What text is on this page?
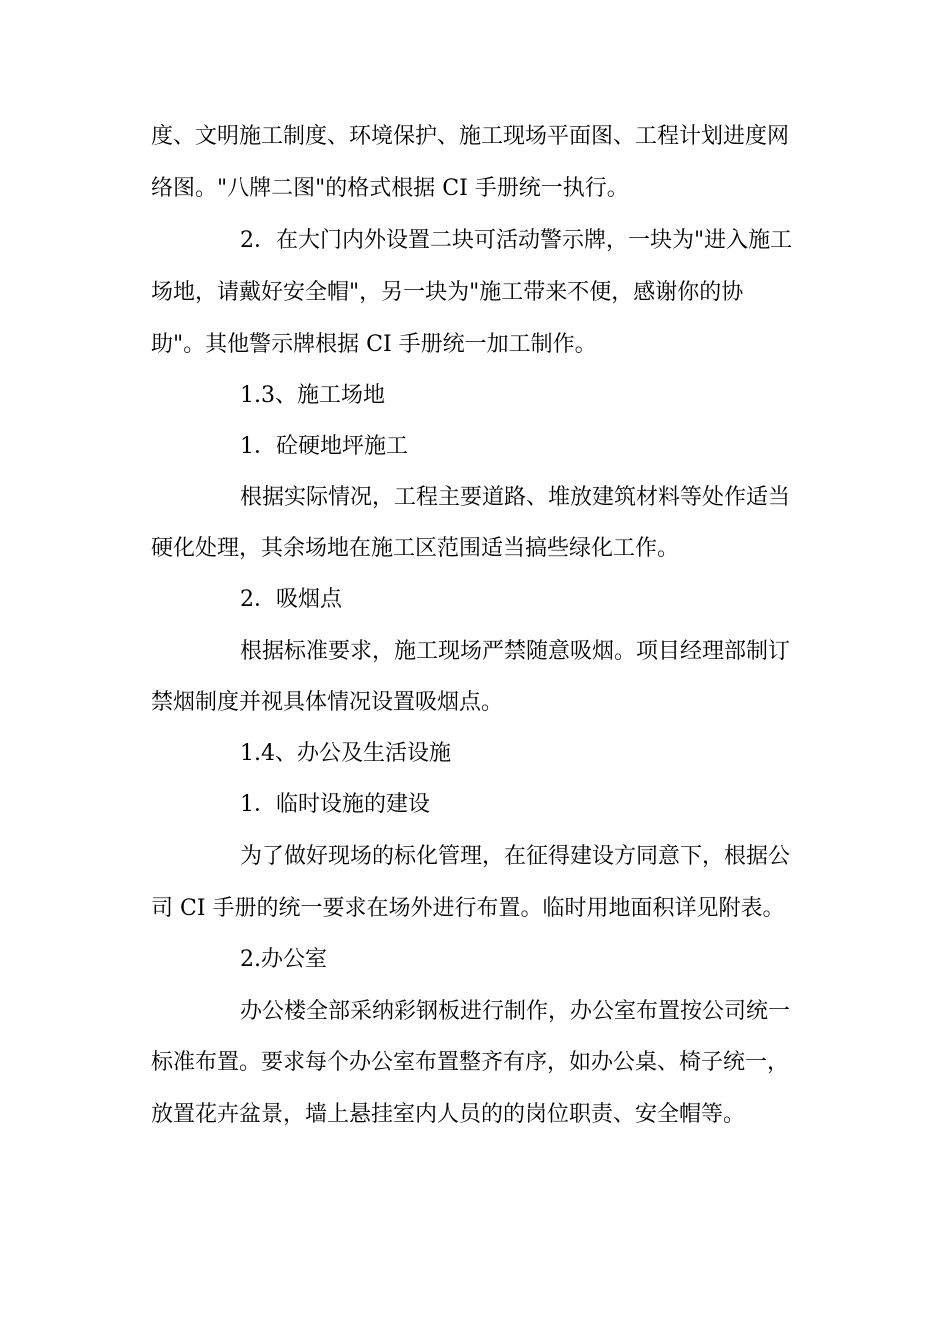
度、文明施工制度、环境保护、施工现场平面图、工程计划进度网
络图。"八牌二图"的格式根据 CI 手册统一执行。
2．在大门内外设置二块可活动警示牌，一块为"进入施工
场地，请戴好安全帽"，另一块为"施工带来不便，感谢你的协
助"。其他警示牌根据 CI 手册统一加工制作。
1.3、施工场地
1．砼硬地坪施工
根据实际情况，工程主要道路、堆放建筑材料等处作适当
硬化处理，其余场地在施工区范围适当搞些绿化工作。
2．吸烟点
根据标准要求，施工现场严禁随意吸烟。项目经理部制订
禁烟制度并视具体情况设置吸烟点。
1.4、办公及生活设施
1．临时设施的建设
为了做好现场的标化管理，在征得建设方同意下，根据公
司 CI 手册的统一要求在场外进行布置。临时用地面积详见附表。
2.办公室
办公楼全部采纳彩钢板进行制作，办公室布置按公司统一
标准布置。要求每个办公室布置整齐有序，如办公桌、椅子统一，
放置花卉盆景，墙上悬挂室内人员的的岗位职责、安全帽等。
